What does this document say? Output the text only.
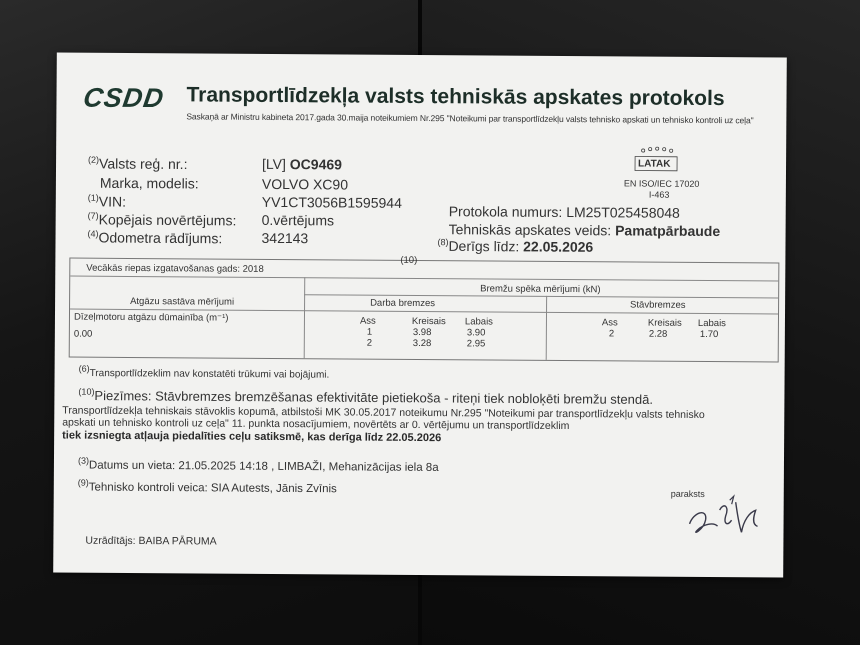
CSDD Transportlīdzekļa valsts tehniskās apskates protokols
Saskaņā ar Ministru kabineta 2017.gada 30.maija noteikumiem Nr.295 "Noteikumi par transportlīdzekļu valsts tehnisko apskati un tehnisko kontroli uz ceļa"
$^{(2)}$Valsts reģ. nr.:	[LV] OC9469
Marka, modelis:	VOLVO XC90
$^{(1)}$VIN:	YV1CT3056B1595944
$^{(7)}$Kopējais novērtējums: 0.vērtējums
$^{(4)}$Odometra rādījums:	342143
LATAK
EN ISO/IEC 17020
I-463
Protokola numurs: LM25T025458048
Tehniskās apskates veids: Pamatpārbaude
$^{(8)}$Derīgs līdz: 22.05.2026
(10)
Vecākās riepas izgatavošanas gads: 2018
Bremžu spēka mērījumi (kN)
Atgāzu sastāva mērījumi	Darba bremzes	Stāvbremzes
Dīzeļmotoru atgāzu dūmainība (m⁻¹)
0.00
Ass	Kreisais Labais
1	3.98	3.90
2	3.28	2.95
Ass	Kreisais Labais
2	2.28	1.70
(6)Transportlīdzeklim nav konstatēti trūkumi vai bojājumi.
$^{(10)}$Piezīmes: Stāvbremzes bremzēšanas efektivitāte pietiekoša - riteņi tiek nobloķēti bremžu stendā.
Transportlīdzekļa tehniskais stāvoklis kopumā, atbilstoši MK 30.05.2017 noteikumu Nr.295 "Noteikumi par transportlīdzekļu valsts tehnisko
apskati un tehnisko kontroli uz ceļa" 11. punkta nosacījumiem, novērtēts ar 0. vērtējumu un transportlīdzeklim
tiek izsniegta atļauja piedalīties ceļu satiksmē, kas derīga līdz 22.05.2026
$^{(3)}$Datums un vieta: 21.05.2025 14:18 , LIMBAŽI, Mehanizācijas iela 8a
$^{(9)}$Tehnisko kontroli veica: SIA Autests, Jānis Zvīnis	paraksts
Uzrādītājs: BAIBA PĀRUMA
